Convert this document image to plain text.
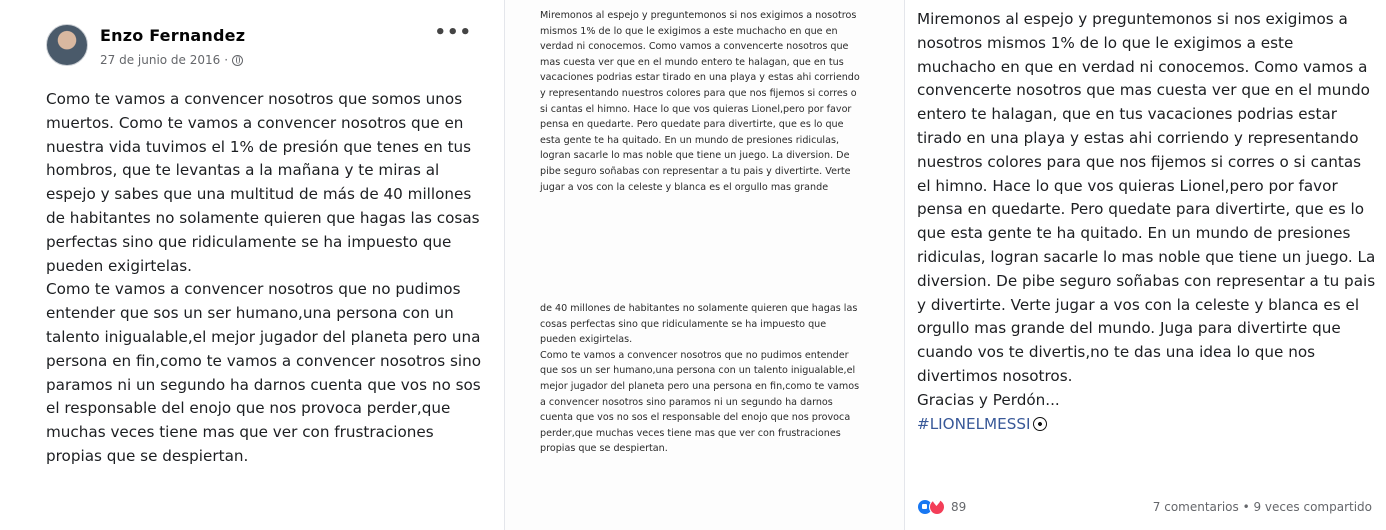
Enzo Fernandez
27 de junio de 2016 ·
•••

Como te vamos a convencer nosotros que somos unos muertos. Como te vamos a convencer nosotros que en nuestra vida tuvimos el 1% de presión que tenes en tus hombros, que te levantas a la mañana y te miras al espejo y sabes que una multitud de más de 40 millones de habitantes no solamente quieren que hagas las cosas perfectas sino que ridiculamente se ha impuesto que pueden exigirtelas.

Como te vamos a convencer nosotros que no pudimos entender que sos un ser humano,una persona con un talento inigualable,el mejor jugador del planeta pero una persona en fin,como te vamos a convencer nosotros sino paramos ni un segundo ha darnos cuenta que vos no sos el responsable del enojo que nos provoca perder,que muchas veces tiene mas que ver con frustraciones propias que se despiertan.

Miremonos al espejo y preguntemonos si nos exigimos a nosotros mismos 1% de lo que le exigimos a este muchacho en que en verdad ni conocemos. Como vamos a convencerte nosotros que mas cuesta ver que en el mundo entero te halagan, que en tus vacaciones podrias estar tirado en una playa y estas ahi corriendo y representando nuestros colores para que nos fijemos si corres o si cantas el himno. Hace lo que vos quieras Lionel,pero por favor pensa en quedarte. Pero quedate para divertirte, que es lo que esta gente te ha quitado. En un mundo de presiones ridiculas, logran sacarle lo mas noble que tiene un juego. La diversion. De pibe seguro soñabas con representar a tu pais y divertirte. Verte jugar a vos con la celeste y blanca es el orgullo mas grande

de 40 millones de habitantes no solamente quieren que hagas las cosas perfectas sino que ridiculamente se ha impuesto que pueden exigirtelas.

Como te vamos a convencer nosotros que no pudimos entender que sos un ser humano,una persona con un talento inigualable,el mejor jugador del planeta pero una persona en fin,como te vamos a convencer nosotros sino paramos ni un segundo ha darnos cuenta que vos no sos el responsable del enojo que nos provoca perder,que muchas veces tiene mas que ver con frustraciones propias que se despiertan.

Miremonos al espejo y preguntemonos si nos exigimos a nosotros mismos 1% de lo que le exigimos a este muchacho en que en verdad ni conocemos. Como vamos a convencerte nosotros que mas cuesta ver que en el mundo entero te halagan, que en tus vacaciones podrias estar tirado en una playa y estas ahi corriendo y representando nuestros colores para que nos fijemos si corres o si cantas el himno. Hace lo que vos quieras Lionel,pero por favor pensa en quedarte. Pero quedate para divertirte, que es lo que esta gente te ha quitado. En un mundo de presiones ridiculas, logran sacarle lo mas noble que tiene un juego. La diversion. De pibe seguro soñabas con representar a tu pais y divertirte. Verte jugar a vos con la celeste y blanca es el orgullo mas grande del mundo. Juga para divertirte que cuando vos te divertis,no te das una idea lo que nos divertimos nosotros.

Gracias y Perdón...

#LIONELMESSI

♥
89	7 comentarios • 9 veces compartido
